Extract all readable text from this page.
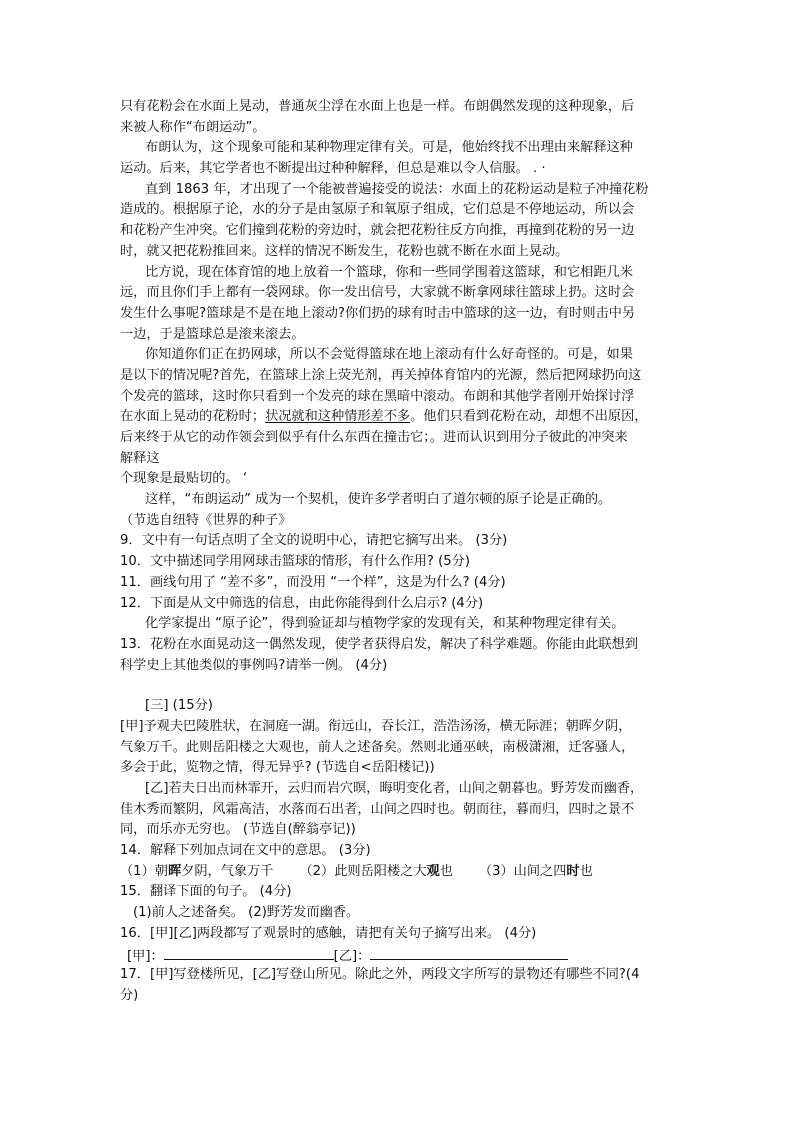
只有花粉会在水面上晃动，普通灰尘浮在水面上也是一样。布朗偶然发现的这种现象，后
来被人称作“布朗运动”。
布朗认为，这个现象可能和某种物理定律有关。可是，他始终找不出理由来解释这种
运动。后来，其它学者也不断提出过种种解释，但总是难以令人信服。 . ·
直到 1863 年，才出现了一个能被普遍接受的说法：水面上的花粉运动是粒子冲撞花粉
造成的。根据原子论，水的分子是由氢原子和氧原子组成，它们总是不停地运动，所以会
和花粉产生冲突。它们撞到花粉的旁边时，就会把花粉往反方向推，再撞到花粉的另一边
时，就又把花粉推回来。这样的情况不断发生，花粉也就不断在水面上晃动。
比方说，现在体育馆的地上放着一个篮球，你和一些同学围着这篮球，和它相距几米
远，而且你们手上都有一袋网球。你一发出信号，大家就不断拿网球往篮球上扔。这时会
发生什么事呢?篮球是不是在地上滚动?你们扔的球有时击中篮球的这一边，有时则击中另
一边，于是篮球总是滚来滚去。
你知道你们正在扔网球，所以不会觉得篮球在地上滚动有什么好奇怪的。可是，如果
是以下的情况呢?首先，在篮球上涂上荧光剂，再关掉体育馆内的光源，然后把网球扔向这
个发亮的篮球，这时你只看到一个发亮的球在黑暗中滚动。布朗和其他学者刚开始探讨浮
在水面上晃动的花粉时；状况就和这种情形差不多。他们只看到花粉在动，却想不出原因，
后来终于从它的动作领会到似乎有什么东西在撞击它；。进而认识到用分子彼此的冲突来
解释这
个现象是最贴切的。 ‘
这样，“布朗运动” 成为一个契机，使许多学者明白了道尔顿的原子论是正确的。
（节选自纽特《世界的种子》
9．文中有一句话点明了全文的说明中心，请把它摘写出来。 (3分)
10．文中描述同学用网球击篮球的情形，有什么作用? (5分)
11．画线句用了 “差不多”，而没用 “一个样”，这是为什么? (4分)
12．下面是从文中筛选的信息，由此你能得到什么启示? (4分)
化学家提出 “原子论”，得到验证却与植物学家的发现有关，和某种物理定律有关。
13．花粉在水面晃动这一偶然发现，使学者获得启发，解决了科学难题。你能由此联想到
科学史上其他类似的事例吗?请举一例。 (4分)
[三] (15分)
[甲]予观夫巴陵胜状，在洞庭一湖。衔远山，吞长江，浩浩汤汤，横无际涯；朝晖夕阴，
气象万千。此则岳阳楼之大观也，前人之述备矣。然则北通巫峡，南极潇湘，迁客骚人，
多会于此，览物之情，得无异乎? (节选自<岳阳楼记))
[乙]若夫日出而林霏开，云归而岩穴暝，晦明变化者，山间之朝暮也。野芳发而幽香，
佳木秀而繁阴，风霜高洁，水落而石出者，山间之四时也。朝而往，暮而归，四时之景不
同，而乐亦无穷也。 (节选自(醉翁亭记))
14．解释下列加点词在文中的意思。 (3分)
（1）朝晖夕阴，气象万千 （2）此则岳阳楼之大观也 （3）山间之四时也
15．翻译下面的句子。 (4分)
(1)前人之述备矣。 (2)野芳发而幽香。
16．[甲][乙]两段都写了观景时的感触，请把有关句子摘写出来。 (4分)
[甲]：	[乙]：
17．[甲]写登楼所见，[乙]写登山所见。除此之外，两段文字所写的景物还有哪些不同?(4
分)
